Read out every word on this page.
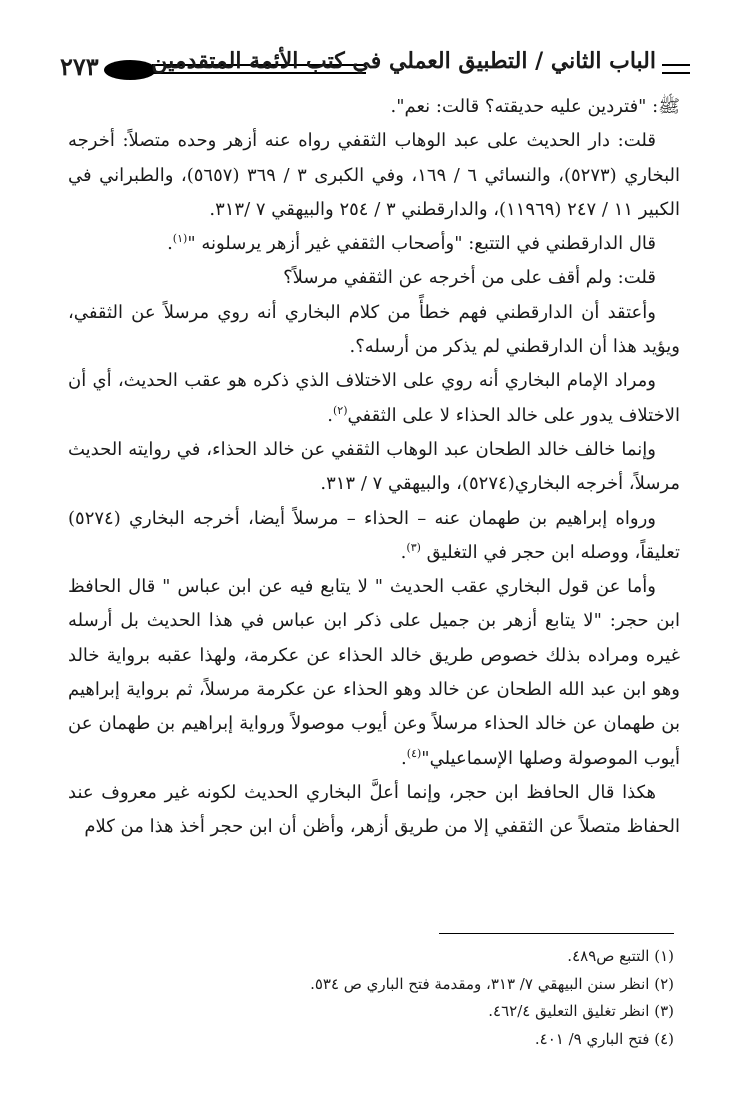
٢٧٣ الباب الثاني / التطبيق العملي في كتب الأئمة المتقدمين

ﷺ: "فتردين عليه حديقته؟ قالت: نعم".

قلت: دار الحديث على عبد الوهاب الثقفي رواه عنه أزهر وحده متصلاً: أخرجه البخاري (٥٢٧٣)، والنسائي ٦ / ١٦٩، وفي الكبرى ٣ / ٣٦٩ (٥٦٥٧)، والطبراني في الكبير ١١ / ٢٤٧ (١١٩٦٩)، والدارقطني ٣ / ٢٥٤ والبيهقي ٧ /٣١٣.

قال الدارقطني في التتبع: "وأصحاب الثقفي غير أزهر يرسلونه "$^{(١)}$.

قلت: ولم أقف على من أخرجه عن الثقفي مرسلاً؟

وأعتقد أن الدارقطني فهم خطأً من كلام البخاري أنه روي مرسلاً عن الثقفي، ويؤيد هذا أن الدارقطني لم يذكر من أرسله؟.

ومراد الإمام البخاري أنه روي على الاختلاف الذي ذكره هو عقب الحديث، أي أن الاختلاف يدور على خالد الحذاء لا على الثقفي$^{(٢)}$.

وإنما خالف خالد الطحان عبد الوهاب الثقفي عن خالد الحذاء، في روايته الحديث مرسلاً، أخرجه البخاري(٥٢٧٤)، والبيهقي ٧ / ٣١٣.

ورواه إبراهيم بن طهمان عنه – الحذاء – مرسلاً أيضا، أخرجه البخاري (٥٢٧٤) تعليقاً، ووصله ابن حجر في التغليق $^{(٣)}$.

وأما عن قول البخاري عقب الحديث " لا يتابع فيه عن ابن عباس " قال الحافظ ابن حجر: "لا يتابع أزهر بن جميل على ذكر ابن عباس في هذا الحديث بل أرسله غيره ومراده بذلك خصوص طريق خالد الحذاء عن عكرمة، ولهذا عقبه برواية خالد وهو ابن عبد الله الطحان عن خالد وهو الحذاء عن عكرمة مرسلاً، ثم برواية إبراهيم بن طهمان عن خالد الحذاء مرسلاً وعن أيوب موصولاً ورواية إبراهيم بن طهمان عن أيوب الموصولة وصلها الإسماعيلي"$^{(٤)}$.

هكذا قال الحافظ ابن حجر، وإنما أعلَّ البخاري الحديث لكونه غير معروف عند الحفاظ متصلاً عن الثقفي إلا من طريق أزهر، وأظن أن ابن حجر أخذ هذا من كلام

(١) التتبع ص٤٨٩.
(٢) انظر سنن البيهقي ٧/ ٣١٣، ومقدمة فتح الباري ص ٥٣٤.
(٣) انظر تغليق التعليق ٤٦٢/٤.
(٤) فتح الباري ٩/ ٤٠١.
